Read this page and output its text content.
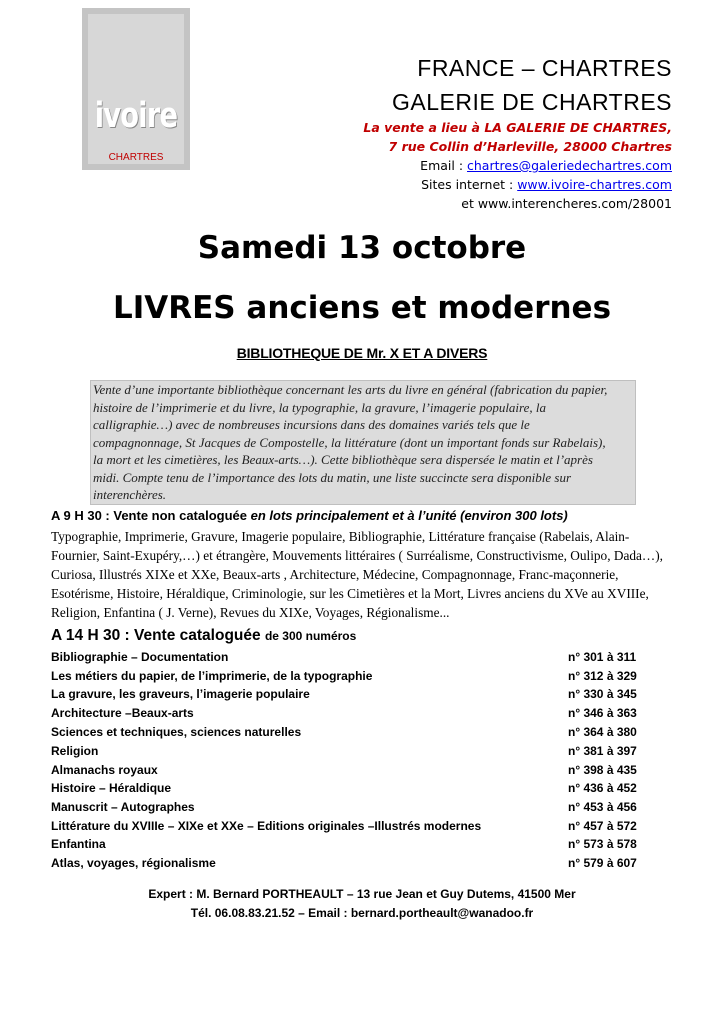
ivoire
CHARTRES
FRANCE – CHARTRES
GALERIE DE CHARTRES
La vente a lieu à LA GALERIE DE CHARTRES,
7 rue Collin d’Harleville, 28000 Chartres
Email : chartres@galeriedechartres.com
Sites internet : www.ivoire-chartres.com
et www.interencheres.com/28001
Samedi 13 octobre
LIVRES anciens et modernes
BIBLIOTHEQUE DE Mr. X ET A DIVERS
Vente d’une importante bibliothèque concernant les arts du livre en général (fabrication du papier,
histoire de l’imprimerie et du livre, la typographie, la gravure, l’imagerie populaire, la
calligraphie…) avec de nombreuses incursions dans des domaines variés tels que le
compagnonnage, St Jacques de Compostelle, la littérature (dont un important fonds sur Rabelais),
la mort et les cimetières, les Beaux-arts…). Cette bibliothèque sera dispersée le matin et l’après
midi. Compte tenu de l’importance des lots du matin, une liste succincte sera disponible sur
interenchères.
A 9 H 30 : Vente non cataloguée en lots principalement et à l’unité (environ 300 lots)
Typographie, Imprimerie, Gravure, Imagerie populaire, Bibliographie, Littérature française (Rabelais, Alain-
Fournier, Saint-Exupéry,…) et étrangère, Mouvements littéraires ( Surréalisme, Constructivisme, Oulipo, Dada…),
Curiosa, Illustrés XIXe et XXe, Beaux-arts , Architecture, Médecine, Compagnonnage, Franc-maçonnerie,
Esotérisme, Histoire, Héraldique, Criminologie, sur les Cimetières et la Mort, Livres anciens du XVe au XVIIIe,
Religion, Enfantina ( J. Verne), Revues du XIXe, Voyages, Régionalisme...
A 14 H 30 : Vente cataloguée de 300 numéros
Bibliographie – Documentation	n° 301 à 311
Les métiers du papier, de l’imprimerie, de la typographie	n° 312 à 329
La gravure, les graveurs, l’imagerie populaire	n° 330 à 345
Architecture –Beaux-arts	n° 346 à 363
Sciences et techniques, sciences naturelles	n° 364 à 380
Religion	n° 381 à 397
Almanachs royaux	n° 398 à 435
Histoire – Héraldique	n° 436 à 452
Manuscrit – Autographes	n° 453 à 456
Littérature du XVIIIe – XIXe et XXe – Editions originales –Illustrés modernes	n° 457 à 572
Enfantina	n° 573 à 578
Atlas, voyages, régionalisme	n° 579 à 607
Expert : M. Bernard PORTHEAULT – 13 rue Jean et Guy Dutems, 41500 Mer
Tél. 06.08.83.21.52 – Email : bernard.portheault@wanadoo.fr
